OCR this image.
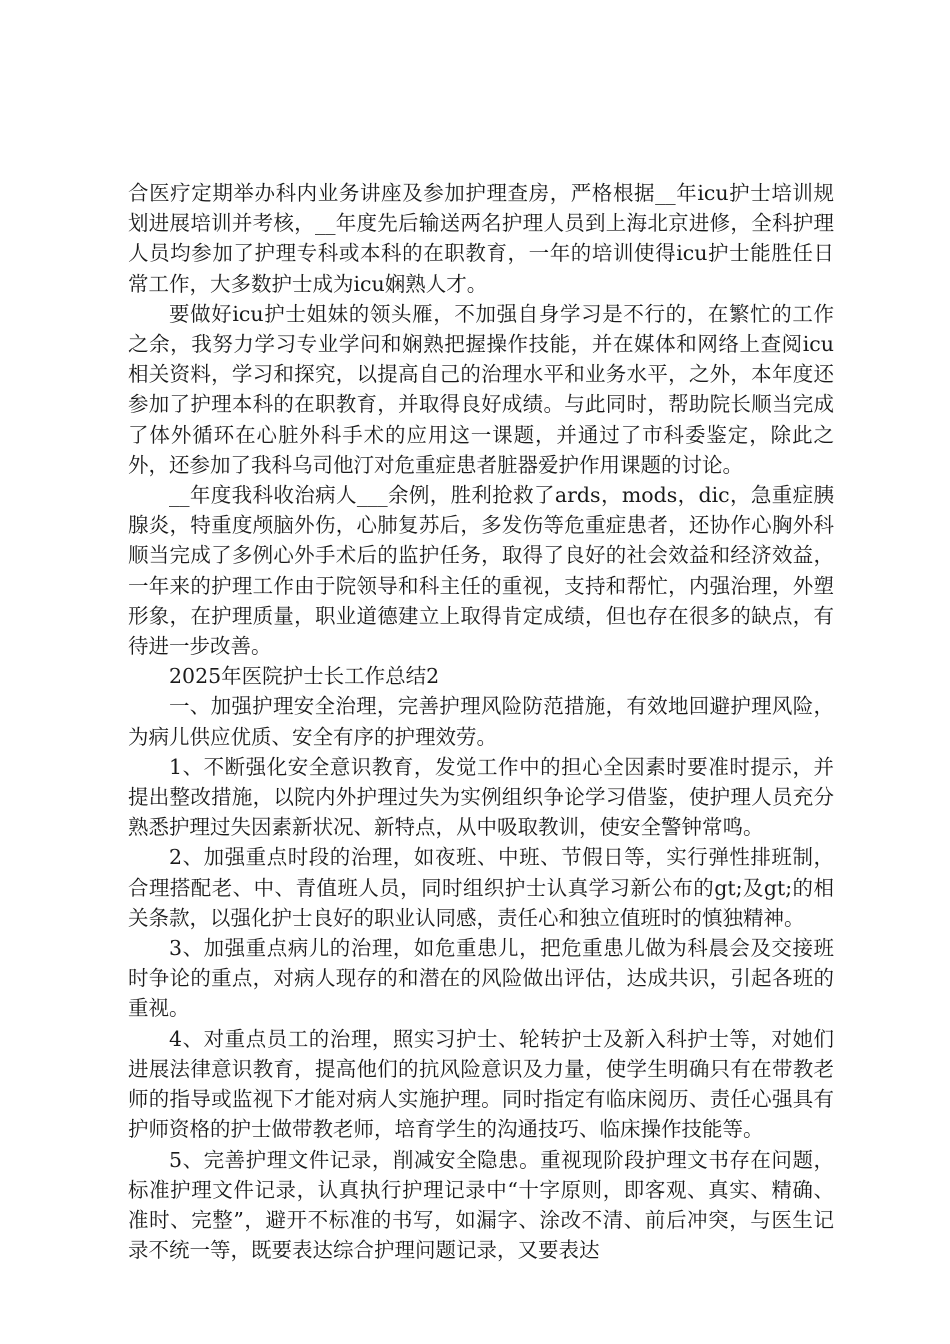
合医疗定期举办科内业务讲座及参加护理查房，严格根据__年icu护士培训规划进展培训并考核，__年度先后输送两名护理人员到上海北京进修，全科护理人员均参加了护理专科或本科的在职教育，一年的培训使得icu护士能胜任日常工作，大多数护士成为icu娴熟人才。

要做好icu护士姐妹的领头雁，不加强自身学习是不行的，在繁忙的工作之余，我努力学习专业学问和娴熟把握操作技能，并在媒体和网络上查阅icu相关资料，学习和探究，以提高自己的治理水平和业务水平，之外，本年度还参加了护理本科的在职教育，并取得良好成绩。与此同时，帮助院长顺当完成了体外循环在心脏外科手术的应用这一课题，并通过了市科委鉴定，除此之外，还参加了我科乌司他汀对危重症患者脏器爱护作用课题的讨论。

__年度我科收治病人___余例，胜利抢救了ards，mods，dic，急重症胰腺炎，特重度颅脑外伤，心肺复苏后，多发伤等危重症患者，还协作心胸外科顺当完成了多例心外手术后的监护任务，取得了良好的社会效益和经济效益，一年来的护理工作由于院领导和科主任的重视，支持和帮忙，内强治理，外塑形象，在护理质量，职业道德建立上取得肯定成绩，但也存在很多的缺点，有待进一步改善。

2025年医院护士长工作总结2

一、加强护理安全治理，完善护理风险防范措施，有效地回避护理风险，为病儿供应优质、安全有序的护理效劳。

1、不断强化安全意识教育，发觉工作中的担心全因素时要准时提示，并提出整改措施，以院内外护理过失为实例组织争论学习借鉴，使护理人员充分熟悉护理过失因素新状况、新特点，从中吸取教训，使安全警钟常鸣。

2、加强重点时段的治理，如夜班、中班、节假日等，实行弹性排班制，合理搭配老、中、青值班人员，同时组织护士认真学习新公布的gt;及gt;的相关条款，以强化护士良好的职业认同感，责任心和独立值班时的慎独精神。

3、加强重点病儿的治理，如危重患儿，把危重患儿做为科晨会及交接班时争论的重点，对病人现存的和潜在的风险做出评估，达成共识，引起各班的重视。

4、对重点员工的治理，照实习护士、轮转护士及新入科护士等，对她们进展法律意识教育，提高他们的抗风险意识及力量，使学生明确只有在带教老师的指导或监视下才能对病人实施护理。同时指定有临床阅历、责任心强具有护师资格的护士做带教老师，培育学生的沟通技巧、临床操作技能等。

5、完善护理文件记录，削减安全隐患。重视现阶段护理文书存在问题，标准护理文件记录，认真执行护理记录中“十字原则，即客观、真实、精确、准时、完整”，避开不标准的书写，如漏字、涂改不清、前后冲突，与医生记录不统一等，既要表达综合护理问题记录，又要表达
